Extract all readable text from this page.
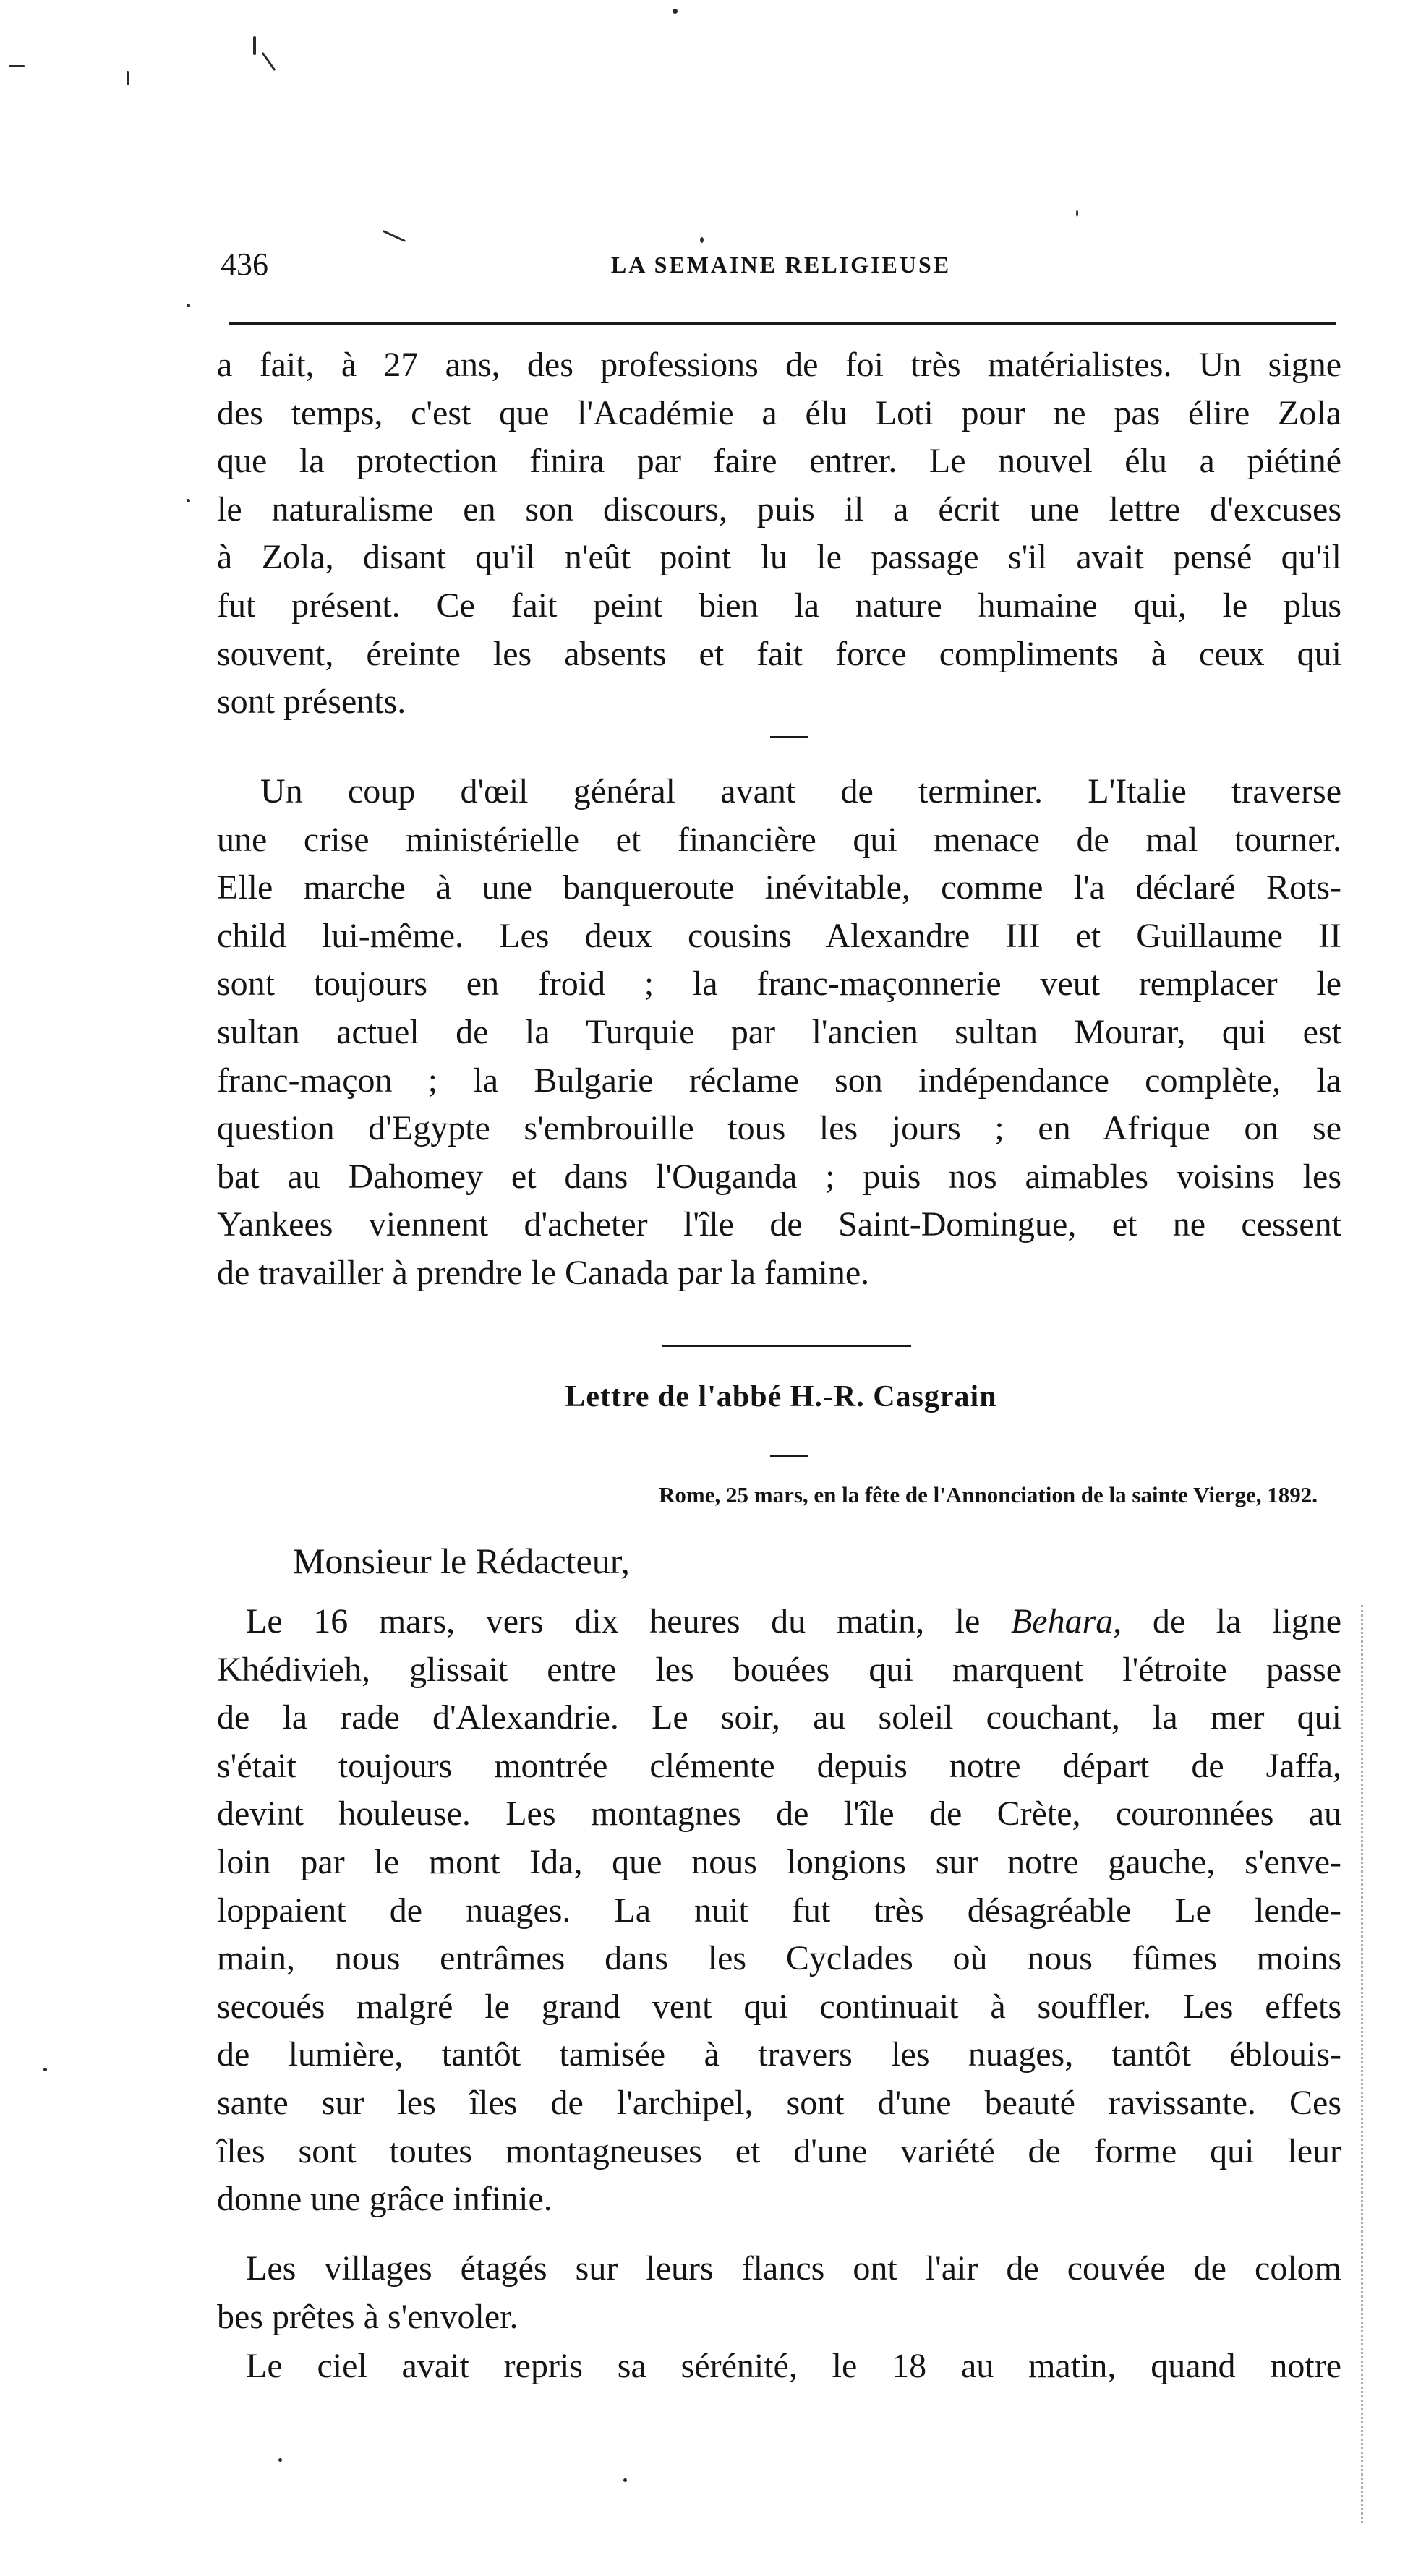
436	LA SEMAINE RELIGIEUSE
a fait, à 27 ans, des professions de foi très matérialistes. Un signe
des temps, c'est que l'Académie a élu Loti pour ne pas élire Zola
que la protection finira par faire entrer. Le nouvel élu a piétiné
le naturalisme en son discours, puis il a écrit une lettre d'excuses
à Zola, disant qu'il n'eût point lu le passage s'il avait pensé qu'il
fut présent. Ce fait peint bien la nature humaine qui, le plus
souvent, éreinte les absents et fait force compliments à ceux qui
sont présents.
Un coup d'œil général avant de terminer. L'Italie traverse
une crise ministérielle et financière qui menace de mal tourner.
Elle marche à une banqueroute inévitable, comme l'a déclaré Rots-
child lui-même. Les deux cousins Alexandre III et Guillaume II
sont toujours en froid ; la franc-maçonnerie veut remplacer le
sultan actuel de la Turquie par l'ancien sultan Mourar, qui est
franc-maçon ; la Bulgarie réclame son indépendance complète, la
question d'Egypte s'embrouille tous les jours ; en Afrique on se
bat au Dahomey et dans l'Ouganda ; puis nos aimables voisins les
Yankees viennent d'acheter l'île de Saint-Domingue, et ne cessent
de travailler à prendre le Canada par la famine.
Lettre de l'abbé H.-R. Casgrain
Rome, 25 mars, en la fête de l'Annonciation de la sainte Vierge, 1892.
Monsieur le Rédacteur,
Le 16 mars, vers dix heures du matin, le Behara, de la ligne
Khédivieh, glissait entre les bouées qui marquent l'étroite passe
de la rade d'Alexandrie. Le soir, au soleil couchant, la mer qui
s'était toujours montrée clémente depuis notre départ de Jaffa,
devint houleuse. Les montagnes de l'île de Crète, couronnées au
loin par le mont Ida, que nous longions sur notre gauche, s'enve-
loppaient de nuages. La nuit fut très désagréable Le lende-
main, nous entrâmes dans les Cyclades où nous fûmes moins
secoués malgré le grand vent qui continuait à souffler. Les effets
de lumière, tantôt tamisée à travers les nuages, tantôt éblouis-
sante sur les îles de l'archipel, sont d'une beauté ravissante. Ces
îles sont toutes montagneuses et d'une variété de forme qui leur
donne une grâce infinie.
Les villages étagés sur leurs flancs ont l'air de couvée de colom
bes prêtes à s'envoler.
Le ciel avait repris sa sérénité, le 18 au matin, quand notre
